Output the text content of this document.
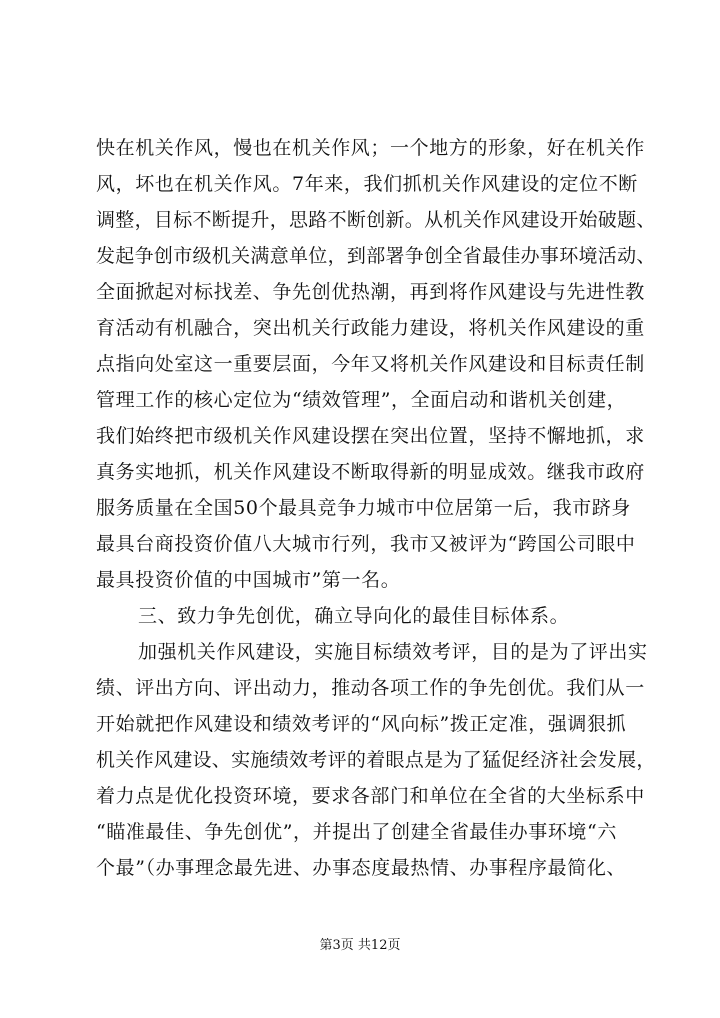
快在机关作风，慢也在机关作风；一个地方的形象，好在机关作
风，坏也在机关作风。7年来，我们抓机关作风建设的定位不断
调整，目标不断提升，思路不断创新。从机关作风建设开始破题、
发起争创市级机关满意单位，到部署争创全省最佳办事环境活动、
全面掀起对标找差、争先创优热潮，再到将作风建设与先进性教
育活动有机融合，突出机关行政能力建设，将机关作风建设的重
点指向处室这一重要层面，今年又将机关作风建设和目标责任制
管理工作的核心定位为“绩效管理”，全面启动和谐机关创建，
我们始终把市级机关作风建设摆在突出位置，坚持不懈地抓，求
真务实地抓，机关作风建设不断取得新的明显成效。继我市政府
服务质量在全国50个最具竞争力城市中位居第一后，我市跻身
最具台商投资价值八大城市行列，我市又被评为“跨国公司眼中
最具投资价值的中国城市”第一名。
三、致力争先创优，确立导向化的最佳目标体系。
加强机关作风建设，实施目标绩效考评，目的是为了评出实
绩、评出方向、评出动力，推动各项工作的争先创优。我们从一
开始就把作风建设和绩效考评的“风向标”拨正定准，强调狠抓
机关作风建设、实施绩效考评的着眼点是为了猛促经济社会发展，
着力点是优化投资环境，要求各部门和单位在全省的大坐标系中
“瞄准最佳、争先创优”，并提出了创建全省最佳办事环境“六
个最”（办事理念最先进、办事态度最热情、办事程序最简化、
第3页 共12页
